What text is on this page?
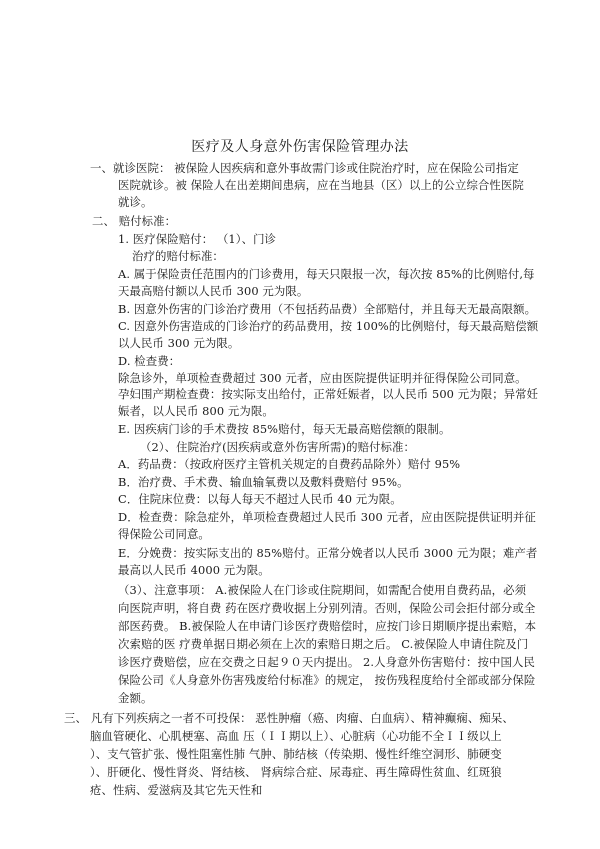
医疗及人身意外伤害保险管理办法
一、就诊医院： 被保险人因疾病和意外事故需门诊或住院治疗时，应在保险公司指定
医院就诊。被 保险人在出差期间患病，应在当地县（区）以上的公立综合性医院
就诊。
二、 赔付标准：
1. 医疗保险赔付： （1）、门诊
治疗的赔付标准：
A. 属于保险责任范围内的门诊费用，每天只限报一次，每次按 85%的比例赔付,每
天最高赔付额以人民币 300 元为限。
B. 因意外伤害的门诊治疗费用（不包括药品费）全部赔付，并且每天无最高限额。
C. 因意外伤害造成的门诊治疗的药品费用，按 100%的比例赔付，每天最高赔偿额
以人民币 300 元为限。
D. 检查费：
除急诊外，单项检查费超过 300 元者，应由医院提供证明并征得保险公司同意。
孕妇围产期检查费：按实际支出给付，正常妊娠者，以人民币 500 元为限；异常妊
娠者，以人民币 800 元为限。
E. 因疾病门诊的手术费按 85%赔付，每天无最高赔偿额的限制。
（2）、住院治疗(因疾病或意外伤害所需)的赔付标准：
A．药品费：（按政府医疗主管机关规定的自费药品除外）赔付 95%
B．治疗费、手术费、输血输氧费以及敷料费赔付 95%。
C．住院床位费：以每人每天不超过人民币 40 元为限。
D．检查费：除急症外，单项检查费超过人民币 300 元者，应由医院提供证明并征
得保险公司同意。
E．分娩费：按实际支出的 85%赔付。正常分娩者以人民币 3000 元为限；难产者
最高以人民币 4000 元为限。
（3）、注意事项： A.被保险人在门诊或住院期间，如需配合使用自费药品，必须
向医院声明，将自费 药在医疗费收据上分别列清。否则，保险公司会拒付部分或全
部医药费。 B.被保险人在申请门诊医疗费赔偿时，应按门诊日期顺序提出索赔，本
次索赔的医 疗费单据日期必须在上次的索赔日期之后。 C.被保险人申请住院及门
诊医疗费赔偿，应在交费之日起９０天内提出。 2.人身意外伤害赔付：按中国人民
保险公司《人身意外伤害残废给付标准》的规定， 按伤残程度给付全部或部分保险
金额。
三、 凡有下列疾病之一者不可投保： 恶性肿瘤（癌、肉瘤、白血病）、精神癫痫、痴呆、
脑血管硬化、心肌梗塞、高血 压（ＩＩ期以上）、心脏病（心功能不全ＩＩ级以上
）、支气管扩张、慢性阻塞性肺 气肿、肺结核（传染期、慢性纤维空洞形、肺硬变
）、肝硬化、慢性肾炎、肾结核、 肾病综合症、尿毒症、再生障碍性贫血、红斑狼
疮、性病、爱滋病及其它先天性和
